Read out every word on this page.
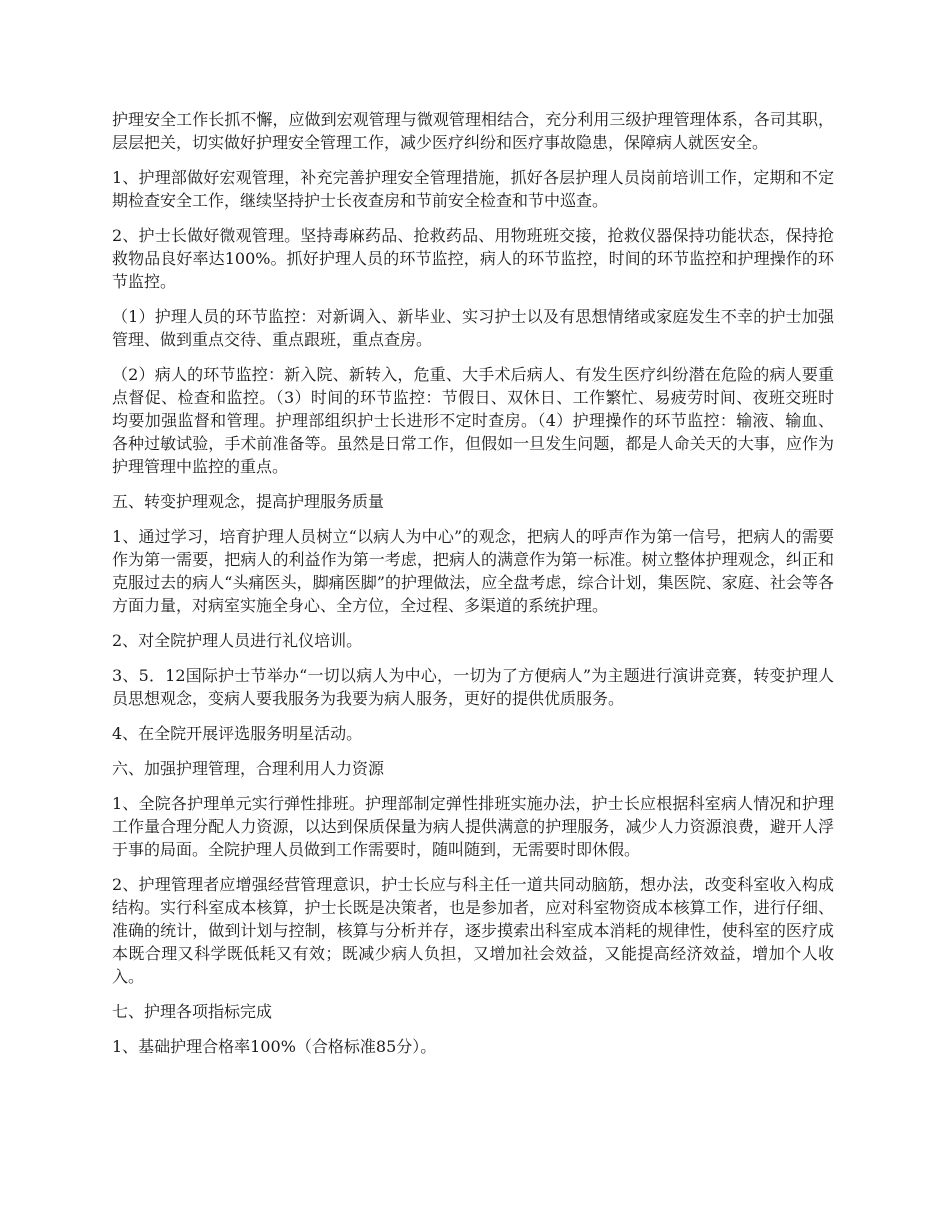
护理安全工作长抓不懈，应做到宏观管理与微观管理相结合，充分利用三级护理管理体系，各司其职，层层把关，切实做好护理安全管理工作，减少医疗纠纷和医疗事故隐患，保障病人就医安全。

1、护理部做好宏观管理，补充完善护理安全管理措施，抓好各层护理人员岗前培训工作，定期和不定期检查安全工作，继续坚持护士长夜查房和节前安全检查和节中巡查。

2、护士长做好微观管理。坚持毒麻药品、抢救药品、用物班班交接，抢救仪器保持功能状态，保持抢救物品良好率达100%。抓好护理人员的环节监控，病人的环节监控，时间的环节监控和护理操作的环节监控。

（1）护理人员的环节监控：对新调入、新毕业、实习护士以及有思想情绪或家庭发生不幸的护士加强管理、做到重点交待、重点跟班，重点查房。

（2）病人的环节监控：新入院、新转入，危重、大手术后病人、有发生医疗纠纷潜在危险的病人要重点督促、检查和监控。（3）时间的环节监控：节假日、双休日、工作繁忙、易疲劳时间、夜班交班时均要加强监督和管理。护理部组织护士长进形不定时查房。（4）护理操作的环节监控：输液、输血、各种过敏试验，手术前准备等。虽然是日常工作，但假如一旦发生问题，都是人命关天的大事，应作为护理管理中监控的重点。

五、转变护理观念，提高护理服务质量

1、通过学习，培育护理人员树立“以病人为中心”的观念，把病人的呼声作为第一信号，把病人的需要作为第一需要，把病人的利益作为第一考虑，把病人的满意作为第一标准。树立整体护理观念，纠正和克服过去的病人“头痛医头，脚痛医脚”的护理做法，应全盘考虑，综合计划，集医院、家庭、社会等各方面力量，对病室实施全身心、全方位，全过程、多渠道的系统护理。

2、对全院护理人员进行礼仪培训。

3、5．12国际护士节举办“一切以病人为中心，一切为了方便病人”为主题进行演讲竞赛，转变护理人员思想观念，变病人要我服务为我要为病人服务，更好的提供优质服务。

4、在全院开展评选服务明星活动。

六、加强护理管理，合理利用人力资源

1、全院各护理单元实行弹性排班。护理部制定弹性排班实施办法，护士长应根据科室病人情况和护理工作量合理分配人力资源，以达到保质保量为病人提供满意的护理服务，减少人力资源浪费，避开人浮于事的局面。全院护理人员做到工作需要时，随叫随到，无需要时即休假。

2、护理管理者应增强经营管理意识，护士长应与科主任一道共同动脑筋，想办法，改变科室收入构成结构。实行科室成本核算，护士长既是决策者，也是参加者，应对科室物资成本核算工作，进行仔细、准确的统计，做到计划与控制，核算与分析并存，逐步摸索出科室成本消耗的规律性，使科室的医疗成本既合理又科学既低耗又有效；既减少病人负担，又增加社会效益，又能提高经济效益，增加个人收入。

七、护理各项指标完成

1、基础护理合格率100%（合格标准85分）。
